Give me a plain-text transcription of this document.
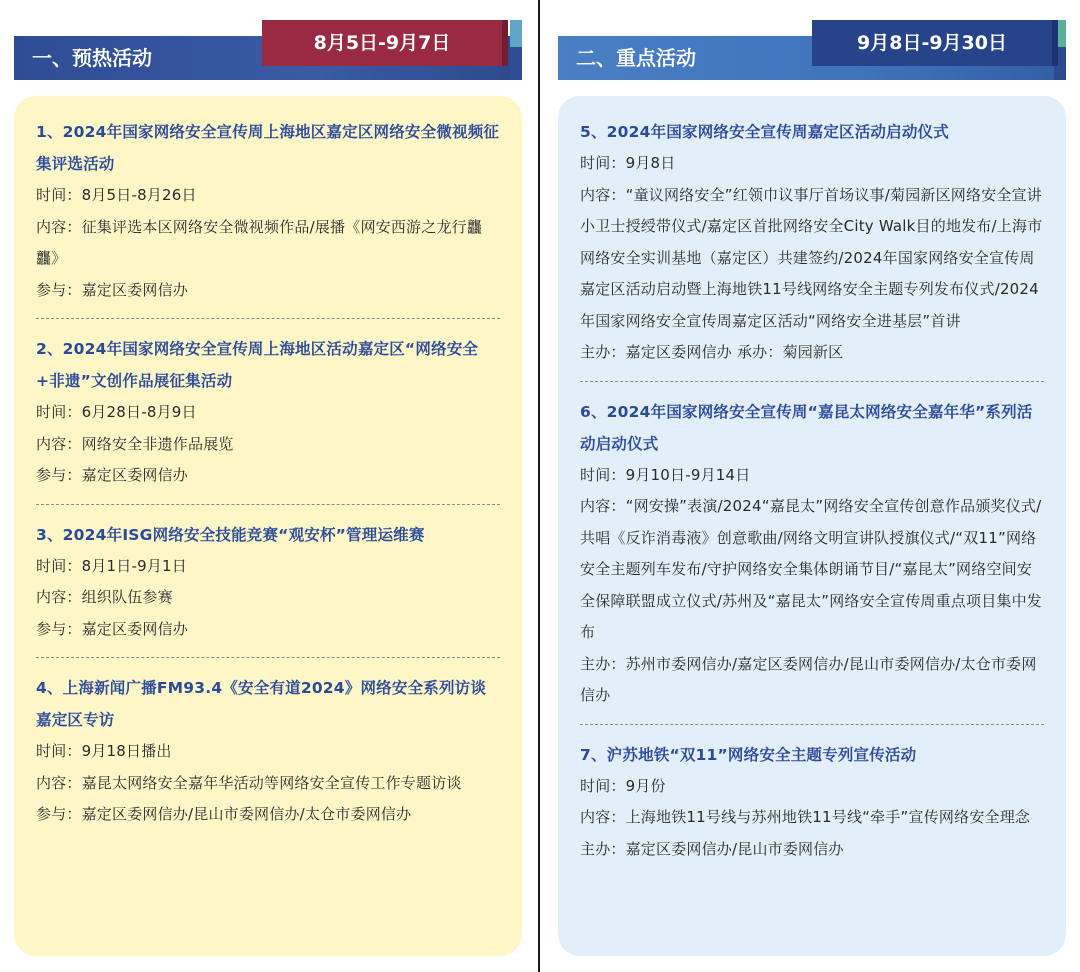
一、预热活动
8月5日-9月7日
1、2024年国家网络安全宣传周上海地区嘉定区网络安全微视频征集评选活动
时间：8月5日-8月26日
内容：征集评选本区网络安全微视频作品/展播《网安西游之龙行龘龘》
参与：嘉定区委网信办
2、2024年国家网络安全宣传周上海地区活动嘉定区“网络安全+非遗”文创作品展征集活动
时间：6月28日-8月9日
内容：网络安全非遗作品展览
参与：嘉定区委网信办
3、2024年ISG网络安全技能竞赛“观安杯”管理运维赛
时间：8月1日-9月1日
内容：组织队伍参赛
参与：嘉定区委网信办
4、上海新闻广播FM93.4《安全有道2024》网络安全系列访谈嘉定区专访
时间：9月18日播出
内容：嘉昆太网络安全嘉年华活动等网络安全宣传工作专题访谈
参与：嘉定区委网信办/昆山市委网信办/太仓市委网信办
二、重点活动
9月8日-9月30日
5、2024年国家网络安全宣传周嘉定区活动启动仪式
时间：9月8日
内容：“童议网络安全”红领巾议事厅首场议事/菊园新区网络安全宣讲小卫士授绶带仪式/嘉定区首批网络安全City Walk目的地发布/上海市网络安全实训基地（嘉定区）共建签约/2024年国家网络安全宣传周嘉定区活动启动暨上海地铁11号线网络安全主题专列发布仪式/2024年国家网络安全宣传周嘉定区活动“网络安全进基层”首讲
主办：嘉定区委网信办 承办：菊园新区
6、2024年国家网络安全宣传周“嘉昆太网络安全嘉年华”系列活动启动仪式
时间：9月10日-9月14日
内容：“网安操”表演/2024“嘉昆太”网络安全宣传创意作品颁奖仪式/共唱《反诈消毒液》创意歌曲/网络文明宣讲队授旗仪式/“双11”网络安全主题列车发布/守护网络安全集体朗诵节目/“嘉昆太”网络空间安全保障联盟成立仪式/苏州及“嘉昆太”网络安全宣传周重点项目集中发布
主办：苏州市委网信办/嘉定区委网信办/昆山市委网信办/太仓市委网信办
7、沪苏地铁“双11”网络安全主题专列宣传活动
时间：9月份
内容：上海地铁11号线与苏州地铁11号线“牵手”宣传网络安全理念
主办：嘉定区委网信办/昆山市委网信办
